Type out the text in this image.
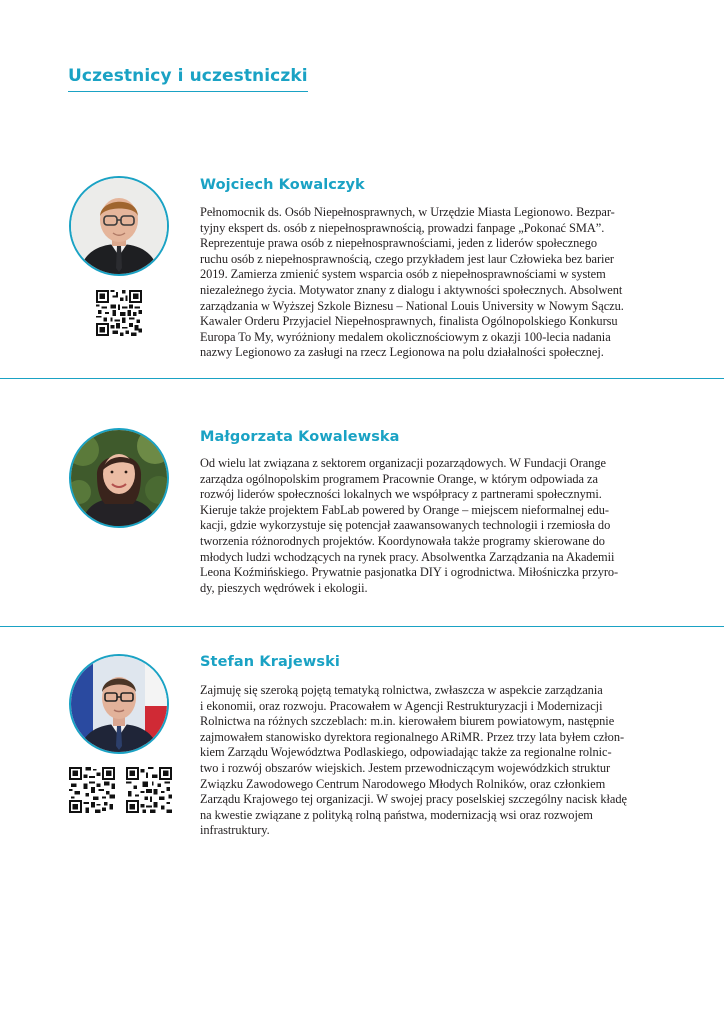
Uczestnicy i uczestniczki
Wojciech Kowalczyk

Pełnomocnik ds. Osób Niepełnosprawnych, w Urzędzie Miasta Legionowo. Bezpar-
tyjny ekspert ds. osób z niepełnosprawnością, prowadzi fanpage „Pokonać SMA”.
Reprezentuje prawa osób z niepełnosprawnościami, jeden z liderów społecznego
ruchu osób z niepełnosprawnością, czego przykładem jest laur Człowieka bez barier
2019. Zamierza zmienić system wsparcia osób z niepełnosprawnościami w system
niezależnego życia. Motywator znany z dialogu i aktywności społecznych. Absolwent
zarządzania w Wyższej Szkole Biznesu – National Louis University w Nowym Sączu.
Kawaler Orderu Przyjaciel Niepełnosprawnych, finalista Ogólnopolskiego Konkursu
Europa To My, wyróżniony medalem okolicznościowym z okazji 100-lecia nadania
nazwy Legionowo za zasługi na rzecz Legionowa na polu działalności społecznej.

Małgorzata Kowalewska

Od wielu lat związana z sektorem organizacji pozarządowych. W Fundacji Orange
zarządza ogólnopolskim programem Pracownie Orange, w którym odpowiada za
rozwój liderów społeczności lokalnych we współpracy z partnerami społecznymi.
Kieruje także projektem FabLab powered by Orange – miejscem nieformalnej edu-
kacji, gdzie wykorzystuje się potencjał zaawansowanych technologii i rzemiosła do
tworzenia różnorodnych projektów. Koordynowała także programy skierowane do
młodych ludzi wchodzących na rynek pracy. Absolwentka Zarządzania na Akademii
Leona Koźmińskiego. Prywatnie pasjonatka DIY i ogrodnictwa. Miłośniczka przyro-
dy, pieszych wędrówek i ekologii.

Stefan Krajewski

Zajmuję się szeroką pojętą tematyką rolnictwa, zwłaszcza w aspekcie zarządzania
i ekonomii, oraz rozwoju. Pracowałem w Agencji Restrukturyzacji i Modernizacji
Rolnictwa na różnych szczeblach: m.in. kierowałem biurem powiatowym, następnie
zajmowałem stanowisko dyrektora regionalnego ARiMR. Przez trzy lata byłem człon-
kiem Zarządu Województwa Podlaskiego, odpowiadając także za regionalne rolnic-
two i rozwój obszarów wiejskich. Jestem przewodniczącym wojewódzkich struktur
Związku Zawodowego Centrum Narodowego Młodych Rolników, oraz członkiem
Zarządu Krajowego tej organizacji. W swojej pracy poselskiej szczególny nacisk kładę
na kwestie związane z polityką rolną państwa, modernizacją wsi oraz rozwojem
infrastruktury.
